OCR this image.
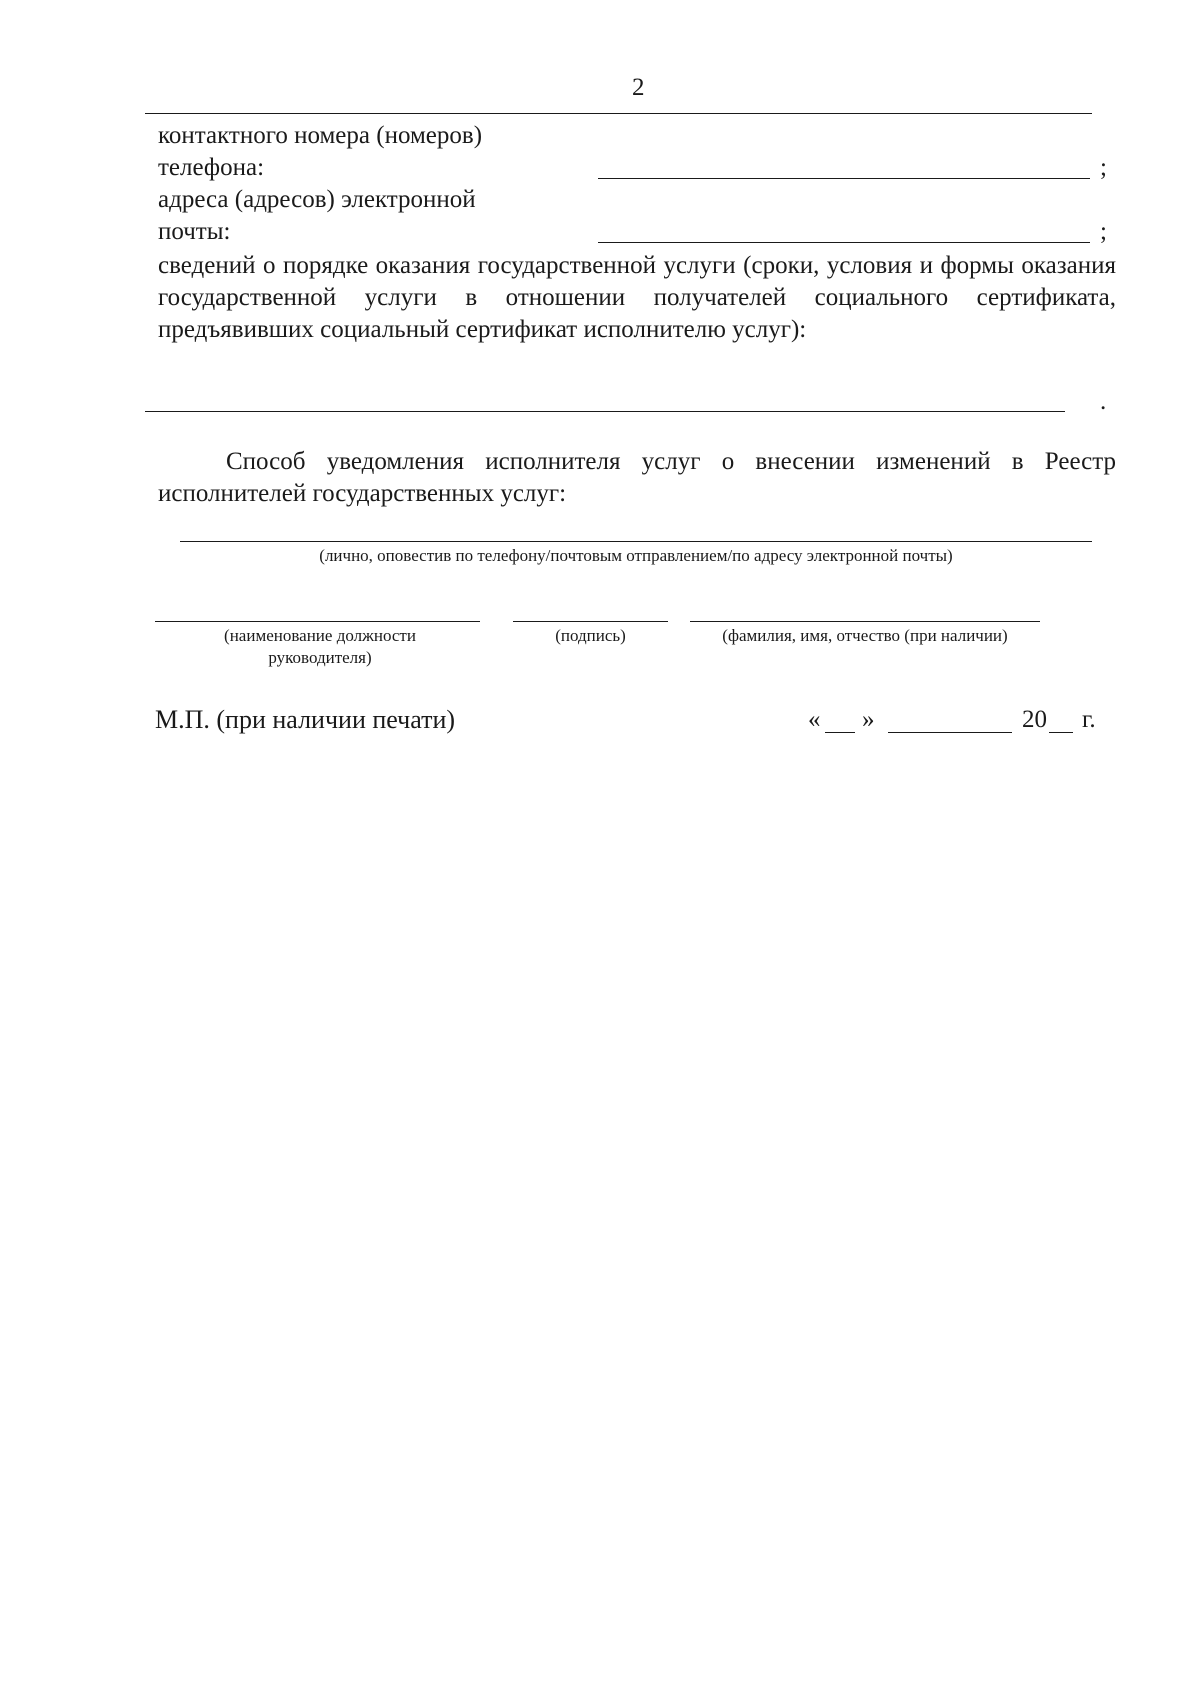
2
контактного номера (номеров)
телефона:	;
адреса (адресов) электронной
почты:	;
сведений о порядке оказания государственной услуги (сроки, условия и формы оказания государственной услуги в отношении получателей социального сертификата, предъявивших социальный сертификат исполнителю услуг):
.
Способ уведомления исполнителя услуг о внесении изменений в Реестр исполнителей государственных услуг:
(лично, оповестив по телефону/почтовым отправлением/по адресу электронной почты)
(наименование должности руководителя)
(подпись)	(фамилия, имя, отчество (при наличии)
М.П. (при наличии печати)	« »	20 г.
